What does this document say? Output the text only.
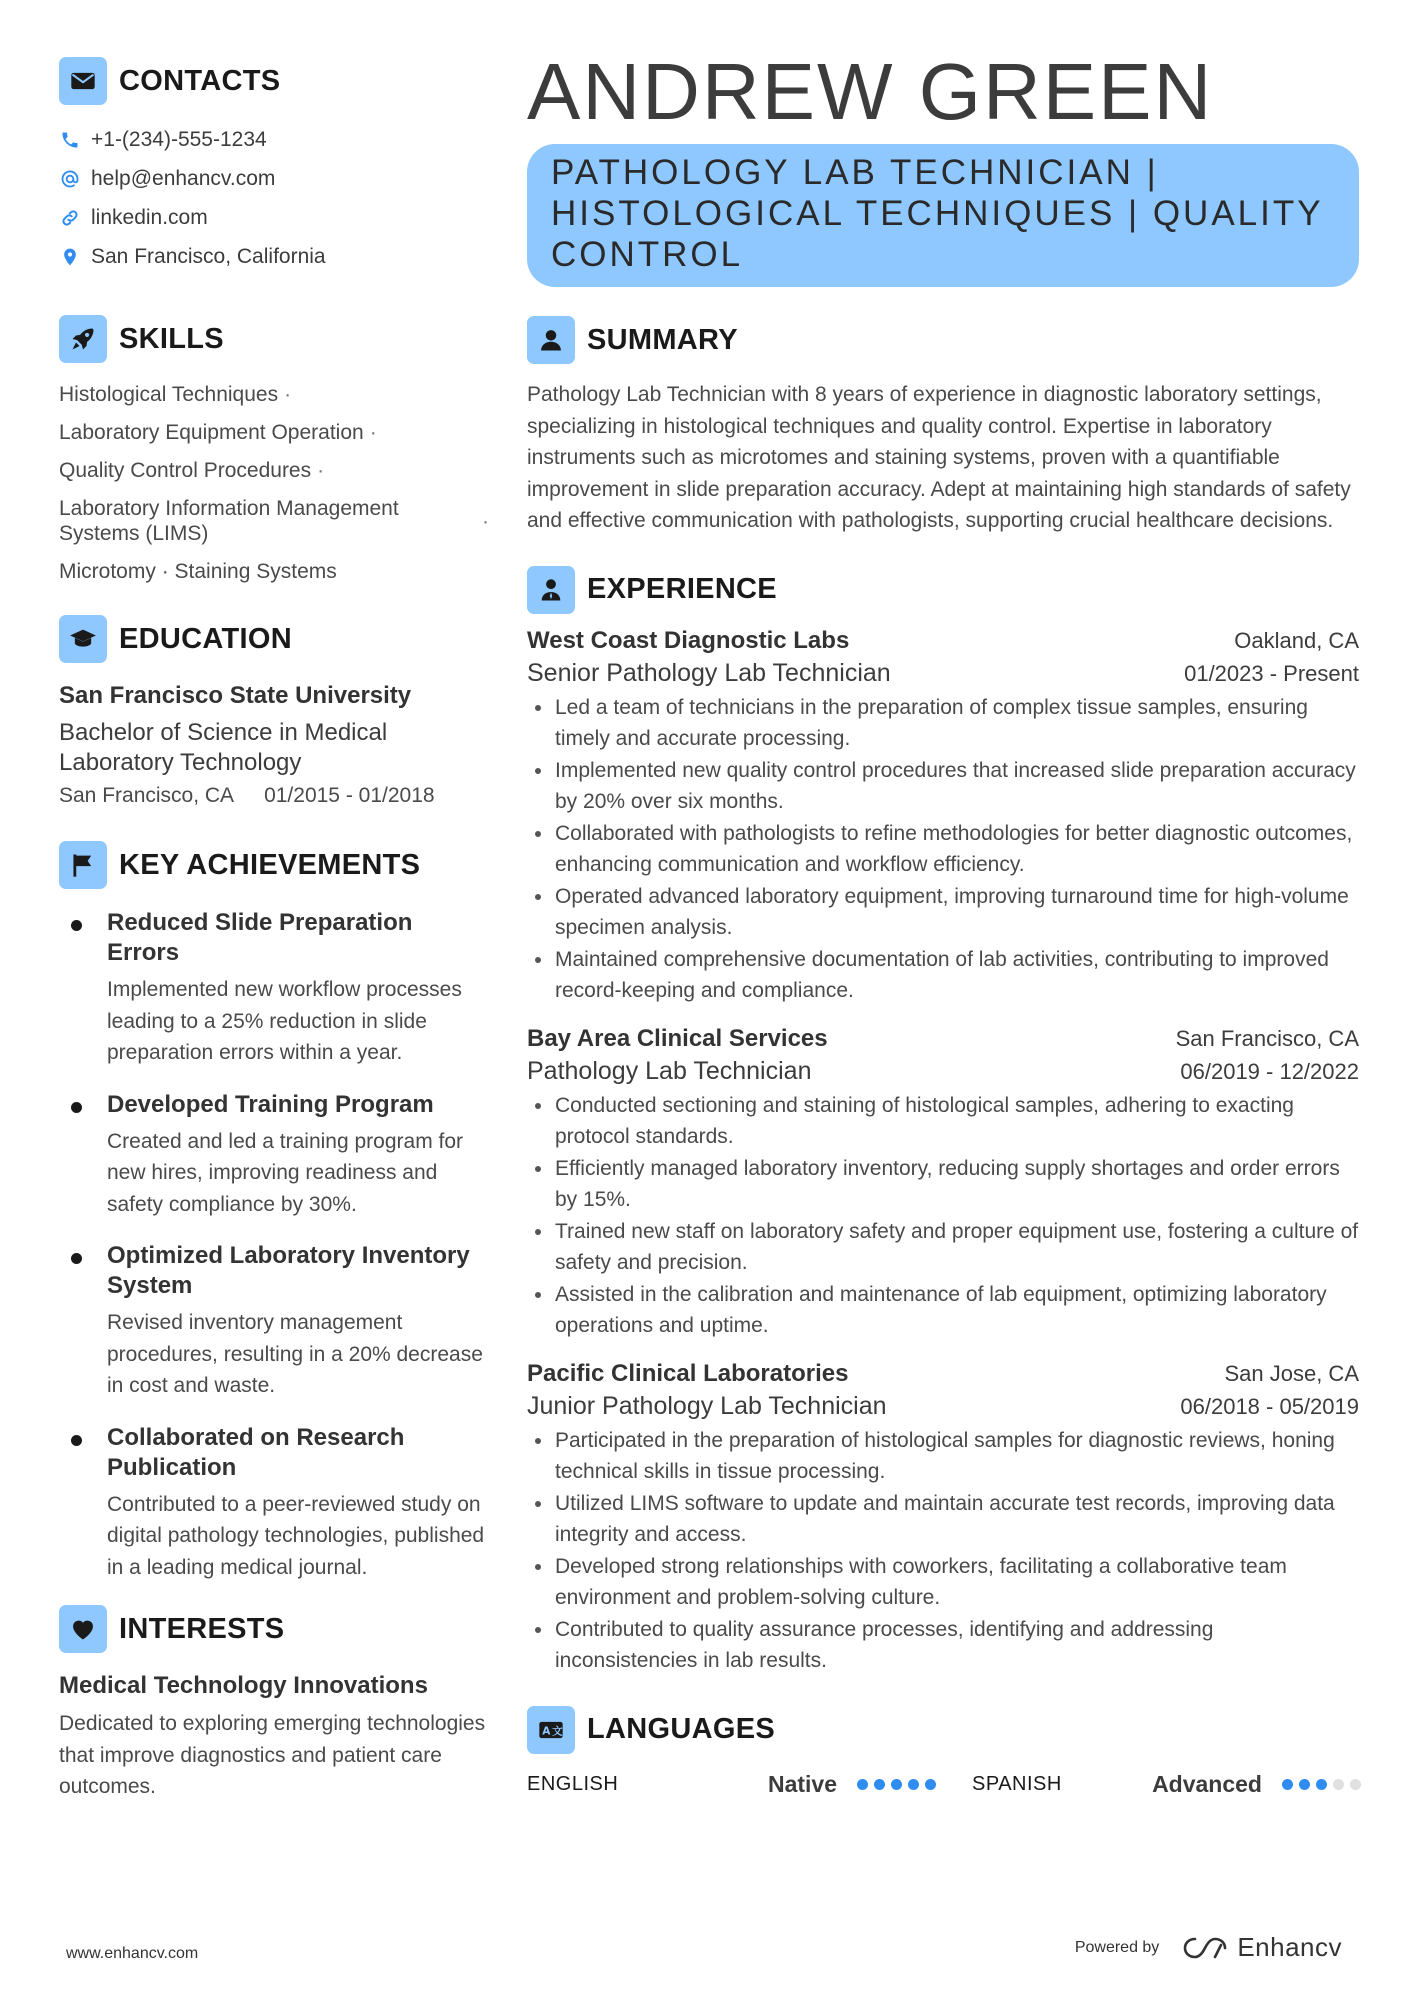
CONTACTS
+1-(234)-555-1234
help@enhancv.com
linkedin.com
San Francisco, California
SKILLS
Histological Techniques ·
Laboratory Equipment Operation ·
Quality Control Procedures ·
Laboratory Information Management Systems (LIMS)
·
Microtomy · Staining Systems
EDUCATION
San Francisco State University
Bachelor of Science in Medical Laboratory Technology
San Francisco, CA 01/2015 - 01/2018
KEY ACHIEVEMENTS
Reduced Slide Preparation Errors
Implemented new workflow processes leading to a 25% reduction in slide preparation errors within a year.
Developed Training Program
Created and led a training program for new hires, improving readiness and safety compliance by 30%.
Optimized Laboratory Inventory System
Revised inventory management procedures, resulting in a 20% decrease in cost and waste.
Collaborated on Research Publication
Contributed to a peer-reviewed study on digital pathology technologies, published in a leading medical journal.
INTERESTS
Medical Technology Innovations
Dedicated to exploring emerging technologies that improve diagnostics and patient care outcomes.
ANDREW GREEN
PATHOLOGY LAB TECHNICIAN | HISTOLOGICAL TECHNIQUES | QUALITY CONTROL
SUMMARY
Pathology Lab Technician with 8 years of experience in diagnostic laboratory settings, specializing in histological techniques and quality control. Expertise in laboratory instruments such as microtomes and staining systems, proven with a quantifiable improvement in slide preparation accuracy. Adept at maintaining high standards of safety and effective communication with pathologists, supporting crucial healthcare decisions.
EXPERIENCE
West Coast Diagnostic Labs	Oakland, CA
Senior Pathology Lab Technician	01/2023 - Present
Led a team of technicians in the preparation of complex tissue samples, ensuring timely and accurate processing.
Implemented new quality control procedures that increased slide preparation accuracy by 20% over six months.
Collaborated with pathologists to refine methodologies for better diagnostic outcomes, enhancing communication and workflow efficiency.
Operated advanced laboratory equipment, improving turnaround time for high-volume specimen analysis.
Maintained comprehensive documentation of lab activities, contributing to improved record-keeping and compliance.
Bay Area Clinical Services	San Francisco, CA
Pathology Lab Technician	06/2019 - 12/2022
Conducted sectioning and staining of histological samples, adhering to exacting protocol standards.
Efficiently managed laboratory inventory, reducing supply shortages and order errors by 15%.
Trained new staff on laboratory safety and proper equipment use, fostering a culture of safety and precision.
Assisted in the calibration and maintenance of lab equipment, optimizing laboratory operations and uptime.
Pacific Clinical Laboratories	San Jose, CA
Junior Pathology Lab Technician	06/2018 - 05/2019
Participated in the preparation of histological samples for diagnostic reviews, honing technical skills in tissue processing.
Utilized LIMS software to update and maintain accurate test records, improving data integrity and access.
Developed strong relationships with coworkers, facilitating a collaborative team environment and problem-solving culture.
Contributed to quality assurance processes, identifying and addressing inconsistencies in lab results.
A 文 LANGUAGES
ENGLISH	Native	SPANISH	Advanced
www.enhancv.com	Powered by	Enhancv
